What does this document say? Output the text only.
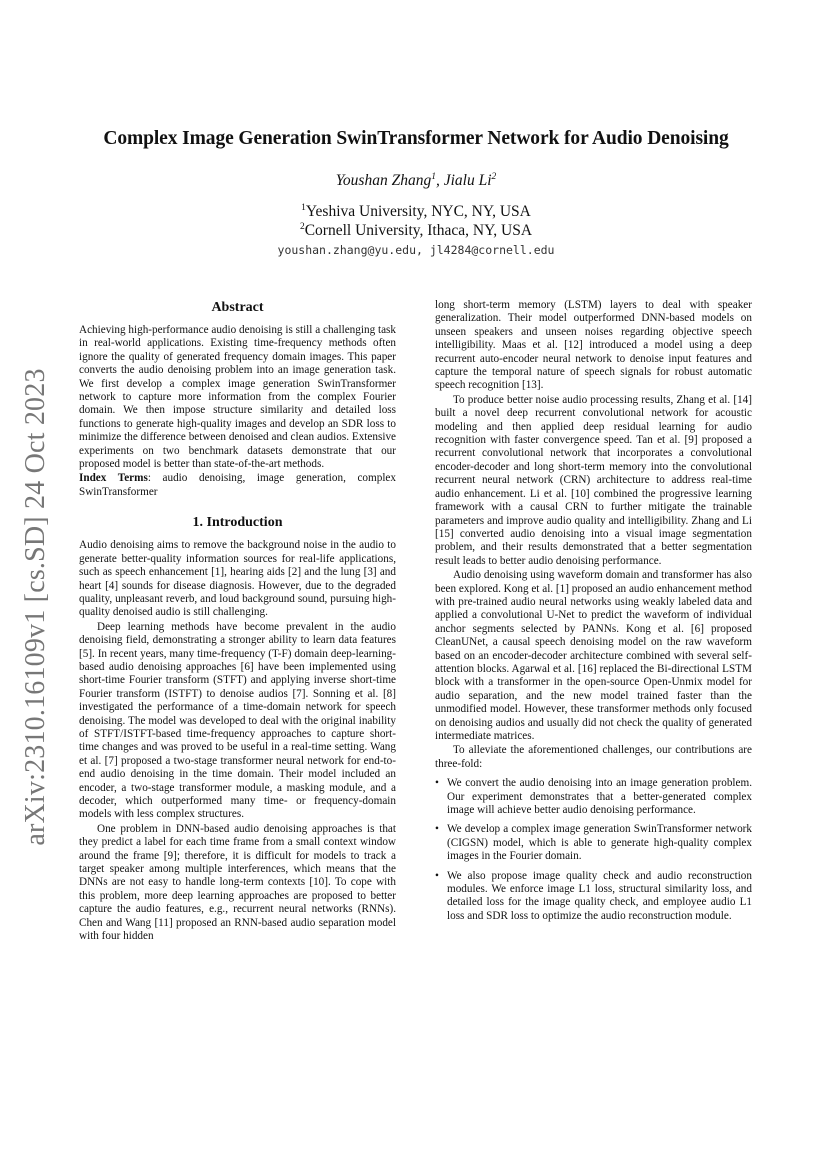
arXiv:2310.16109v1 [cs.SD] 24 Oct 2023
Complex Image Generation SwinTransformer Network for Audio Denoising
Youshan Zhang$^1$, Jialu Li$^2$
$^1$Yeshiva University, NYC, NY, USA
$^2$Cornell University, Ithaca, NY, USA
youshan.zhang@yu.edu, jl4284@cornell.edu
Abstract

Achieving high-performance audio denoising is still a challenging task in real-world applications. Existing time-frequency methods often ignore the quality of generated frequency domain images. This paper converts the audio denoising problem into an image generation task. We first develop a complex image generation SwinTransformer network to capture more information from the complex Fourier domain. We then impose structure similarity and detailed loss functions to generate high-quality images and develop an SDR loss to minimize the difference between denoised and clean audios. Extensive experiments on two benchmark datasets demonstrate that our proposed model is better than state-of-the-art methods.

Index Terms: audio denoising, image generation, complex SwinTransformer

1. Introduction

Audio denoising aims to remove the background noise in the audio to generate better-quality information sources for real-life applications, such as speech enhancement [1], hearing aids [2] and the lung [3] and heart [4] sounds for disease diagnosis. However, due to the degraded quality, unpleasant reverb, and loud background sound, pursuing high-quality denoised audio is still challenging.

Deep learning methods have become prevalent in the audio denoising field, demonstrating a stronger ability to learn data features [5]. In recent years, many time-frequency (T-F) domain deep-learning-based audio denoising approaches [6] have been implemented using short-time Fourier transform (STFT) and applying inverse short-time Fourier transform (ISTFT) to denoise audios [7]. Sonning et al. [8] investigated the performance of a time-domain network for speech denoising. The model was developed to deal with the original inability of STFT/ISTFT-based time-frequency approaches to capture short-time changes and was proved to be useful in a real-time setting. Wang et al. [7] proposed a two-stage transformer neural network for end-to-end audio denoising in the time domain. Their model included an encoder, a two-stage transformer module, a masking module, and a decoder, which outperformed many time- or frequency-domain models with less complex structures.

One problem in DNN-based audio denoising approaches is that they predict a label for each time frame from a small context window around the frame [9]; therefore, it is difficult for models to track a target speaker among multiple interferences, which means that the DNNs are not easy to handle long-term contexts [10]. To cope with this problem, more deep learning approaches are proposed to better capture the audio features, e.g., recurrent neural networks (RNNs). Chen and Wang [11] proposed an RNN-based audio separation model with four hidden

long short-term memory (LSTM) layers to deal with speaker generalization. Their model outperformed DNN-based models on unseen speakers and unseen noises regarding objective speech intelligibility. Maas et al. [12] introduced a model using a deep recurrent auto-encoder neural network to denoise input features and capture the temporal nature of speech signals for robust automatic speech recognition [13].

To produce better noise audio processing results, Zhang et al. [14] built a novel deep recurrent convolutional network for acoustic modeling and then applied deep residual learning for audio recognition with faster convergence speed. Tan et al. [9] proposed a recurrent convolutional network that incorporates a convolutional encoder-decoder and long short-term memory into the convolutional recurrent neural network (CRN) architecture to address real-time audio enhancement. Li et al. [10] combined the progressive learning framework with a causal CRN to further mitigate the trainable parameters and improve audio quality and intelligibility. Zhang and Li [15] converted audio denoising into a visual image segmentation problem, and their results demonstrated that a better segmentation result leads to better audio denoising performance.

Audio denoising using waveform domain and transformer has also been explored. Kong et al. [1] proposed an audio enhancement method with pre-trained audio neural networks using weakly labeled data and applied a convolutional U-Net to predict the waveform of individual anchor segments selected by PANNs. Kong et al. [6] proposed CleanUNet, a causal speech denoising model on the raw waveform based on an encoder-decoder architecture combined with several self-attention blocks. Agarwal et al. [16] replaced the Bi-directional LSTM block with a transformer in the open-source Open-Unmix model for audio separation, and the new model trained faster than the unmodified model. However, these transformer methods only focused on denoising audios and usually did not check the quality of generated intermediate matrices.

To alleviate the aforementioned challenges, our contributions are three-fold:

• We convert the audio denoising into an image generation problem. Our experiment demonstrates that a better-generated complex image will achieve better audio denoising performance.
• We develop a complex image generation SwinTransformer network (CIGSN) model, which is able to generate high-quality complex images in the Fourier domain.
• We also propose image quality check and audio reconstruction modules. We enforce image L1 loss, structural similarity loss, and detailed loss for the image quality check, and employee audio L1 loss and SDR loss to optimize the audio reconstruction module.
